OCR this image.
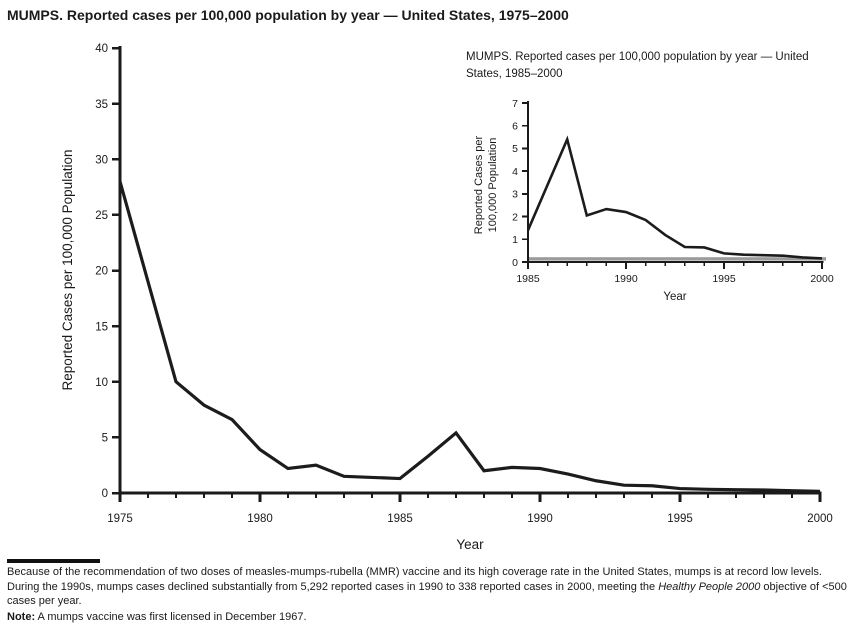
MUMPS. Reported cases per 100,000 population by year — United States, 1975–2000
0
5
10
15
20
25
30
35
40
1975	1980	1985	1990	1995	2000
Year
Reported Cases per 100,000 Population	0
1
2
3
4
5
6
7
1985	1990	1995	2000
Year
Reported Cases per 100,000 Population
MUMPS. Reported cases per 100,000 population by year — United States, 1985–2000
Because of the recommendation of two doses of measles-mumps-rubella (MMR) vaccine and its high coverage rate in the United States, mumps is at record low levels. During the 1990s, mumps cases declined substantially from 5,292 reported cases in 1990 to 338 reported cases in 2000, meeting the Healthy People 2000 objective of <500 cases per year.
Note: A mumps vaccine was first licensed in December 1967.
